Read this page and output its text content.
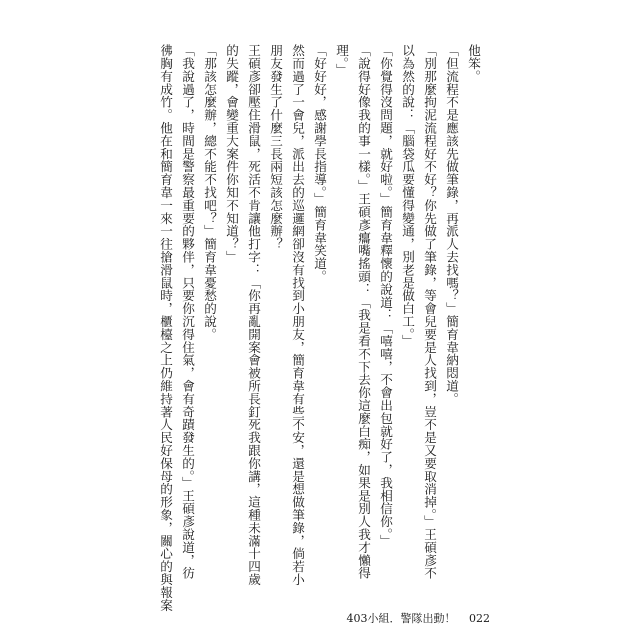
他笨。
「但流程不是應該先做筆錄，再派人去找嗎？」簡育韋納悶道。
「別那麼拘泥流程好不好？你先做了筆錄，等會兒要是人找到，豈不是又要取消掉。」王碩彥不
以為然的說：「腦袋瓜要懂得變通，別老是做白工。」
「你覺得沒問題，就好啦。」簡育韋釋懷的說道：「嘻嘻，不會出包就好了，我相信你。」
「說得好像我的事一樣。」王碩彥癟嘴搖頭：「我是看不下去你這麼白痴，如果是別人我才懶得
理。」
「好好好，感謝學長指導。」簡育韋笑道。
然而過了一會兒，派出去的巡邏網卻沒有找到小朋友，簡育韋有些不安，還是想做筆錄，倘若小
朋友發生了什麼三長兩短該怎麼辦？
王碩彥卻壓住滑鼠，死活不肯讓他打字：「你再亂開案會被所長釘死我跟你講，這種未滿十四歲
的失蹤，會變重大案件你知不知道？」
「那該怎麼辦，總不能不找吧？」簡育韋憂愁的說。
「我說過了，時間是警察最重要的夥伴，只要你沉得住氣，會有奇蹟發生的。」王碩彥說道，彷
彿胸有成竹。他在和簡育韋一來一往搶滑鼠時，櫃檯之上仍維持著人民好保母的形象，關心的與報案
403小組．警隊出動！ 022
